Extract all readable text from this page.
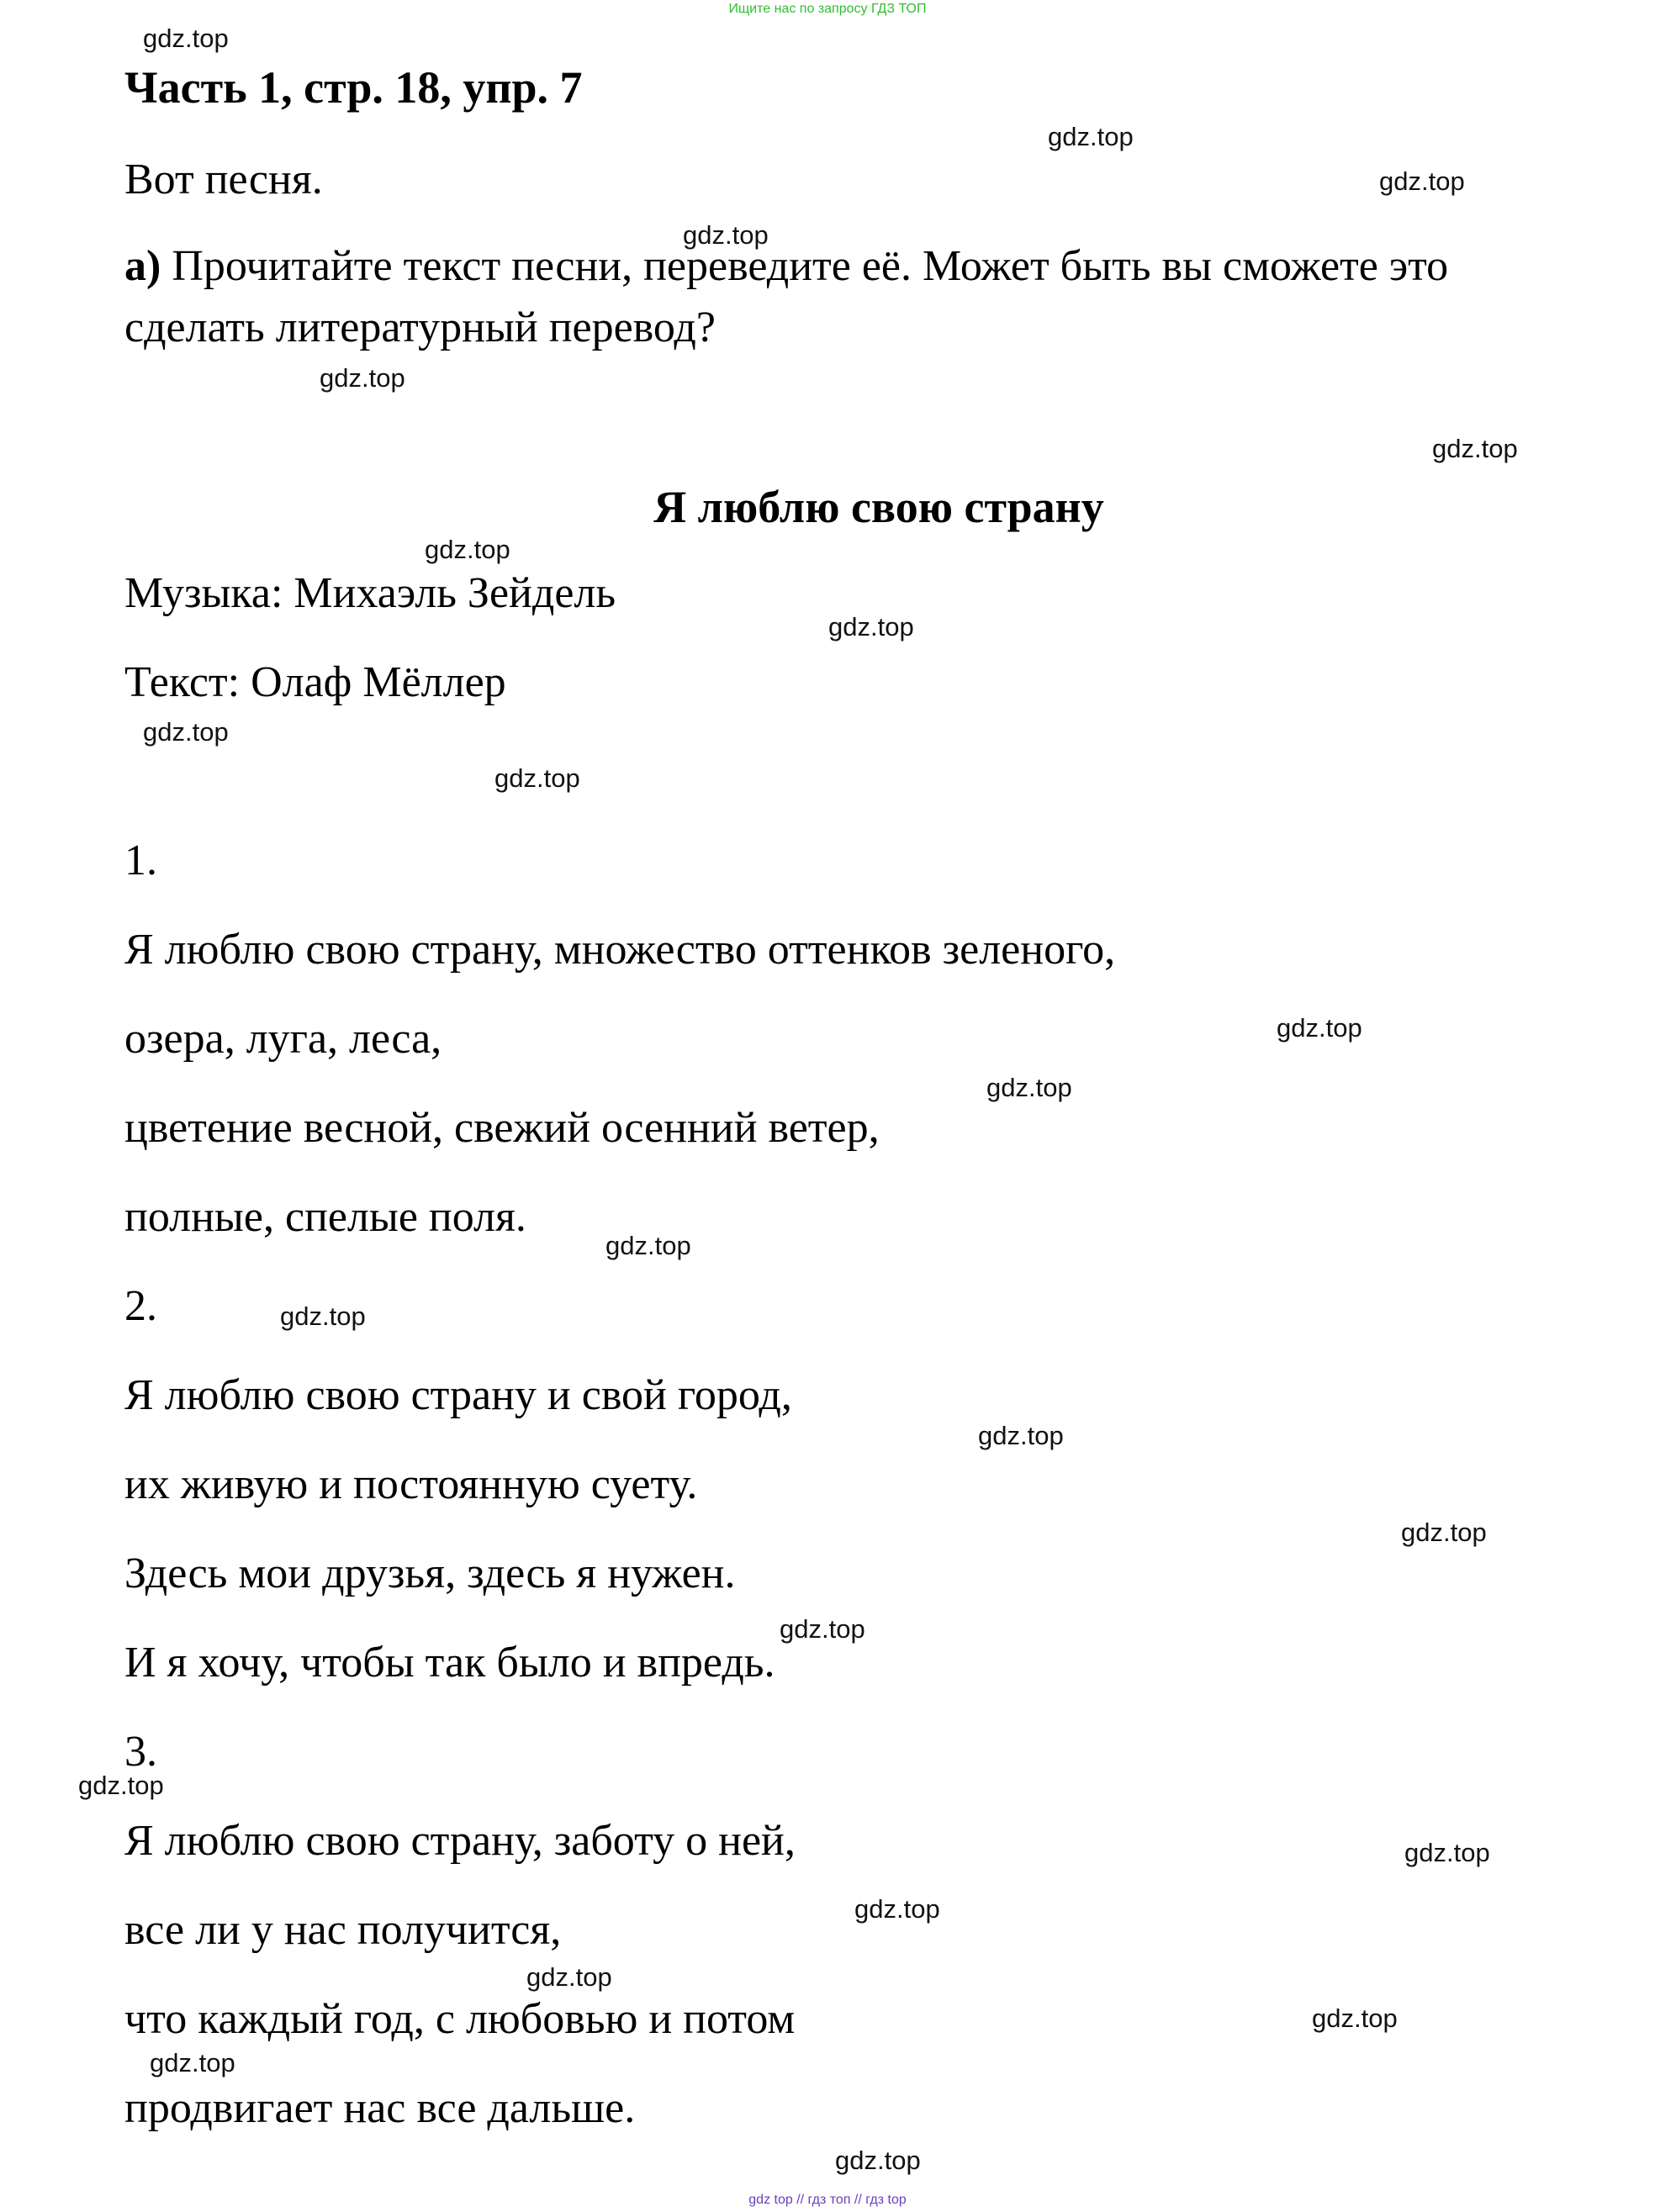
Ищите нас по запросу ГДЗ ТОП
Часть 1, стр. 18, упр. 7
Вот песня.
а) Прочитайте текст песни, переведите её. Может быть вы сможете это
сделать литературный перевод?
Я люблю свою страну
Музыка: Михаэль Зейдель
Текст: Олаф Мёллер
1.
Я люблю свою страну, множество оттенков зеленого,
озера, луга, леса,
цветение весной, свежий осенний ветер,
полные, спелые поля.
2.
Я люблю свою страну и свой город,
их живую и постоянную суету.
Здесь мои друзья, здесь я нужен.
И я хочу, чтобы так было и впредь.
3.
Я люблю свою страну, заботу о ней,
все ли у нас получится,
что каждый год, с любовью и потом
продвигает нас все дальше.
gdz.top
gdz.top
gdz.top
gdz.top
gdz.top
gdz.top
gdz.top
gdz.top
gdz.top
gdz.top
gdz.top
gdz.top
gdz.top
gdz.top
gdz.top
gdz.top
gdz.top
gdz.top
gdz.top
gdz.top
gdz.top
gdz.top
gdz.top
gdz.top
gdz top // гдз топ // гдз top
